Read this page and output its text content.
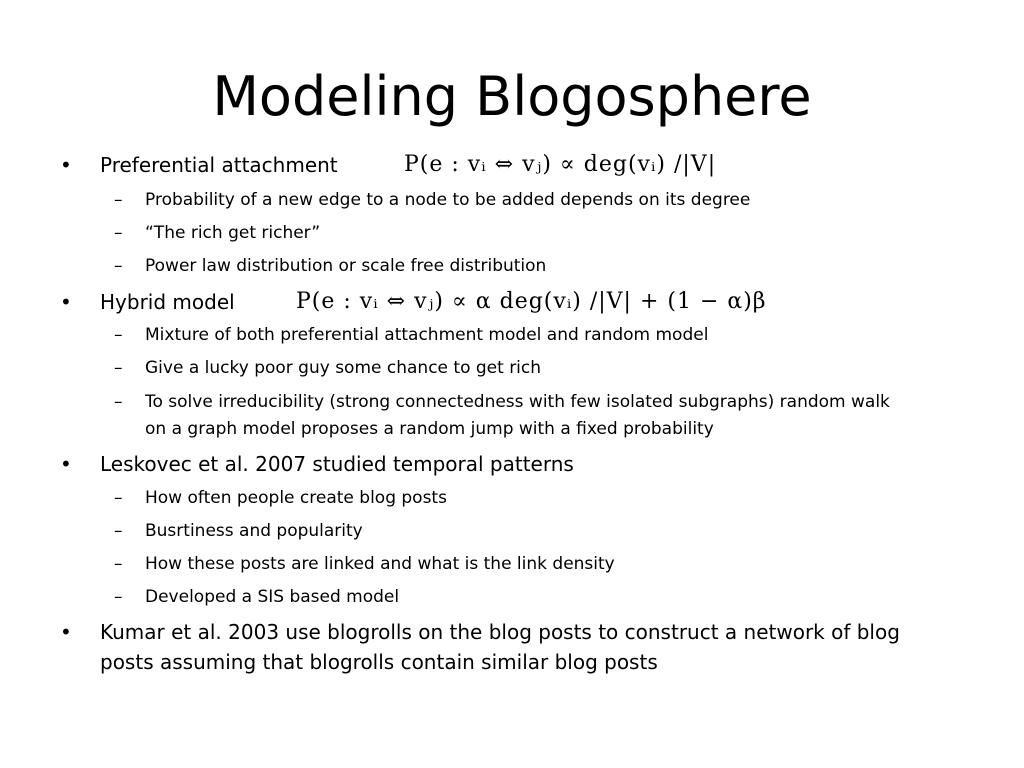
Modeling Blogosphere
• Preferential attachment	P(e : vᵢ ⇔ vⱼ) ∝ deg(vᵢ) /|V|
– Probability of a new edge to a node to be added depends on its degree
– “The rich get richer”
– Power law distribution or scale free distribution
• Hybrid model	P(e : vᵢ ⇔ vⱼ) ∝ α deg(vᵢ) /|V| + (1 − α)β
– Mixture of both preferential attachment model and random model
– Give a lucky poor guy some chance to get rich
– To solve irreducibility (strong connectedness with few isolated subgraphs) random walk
on a graph model proposes a random jump with a fixed probability
• Leskovec et al. 2007 studied temporal patterns
– How often people create blog posts
– Busrtiness and popularity
– How these posts are linked and what is the link density
– Developed a SIS based model
• Kumar et al. 2003 use blogrolls on the blog posts to construct a network of blog
posts assuming that blogrolls contain similar blog posts
